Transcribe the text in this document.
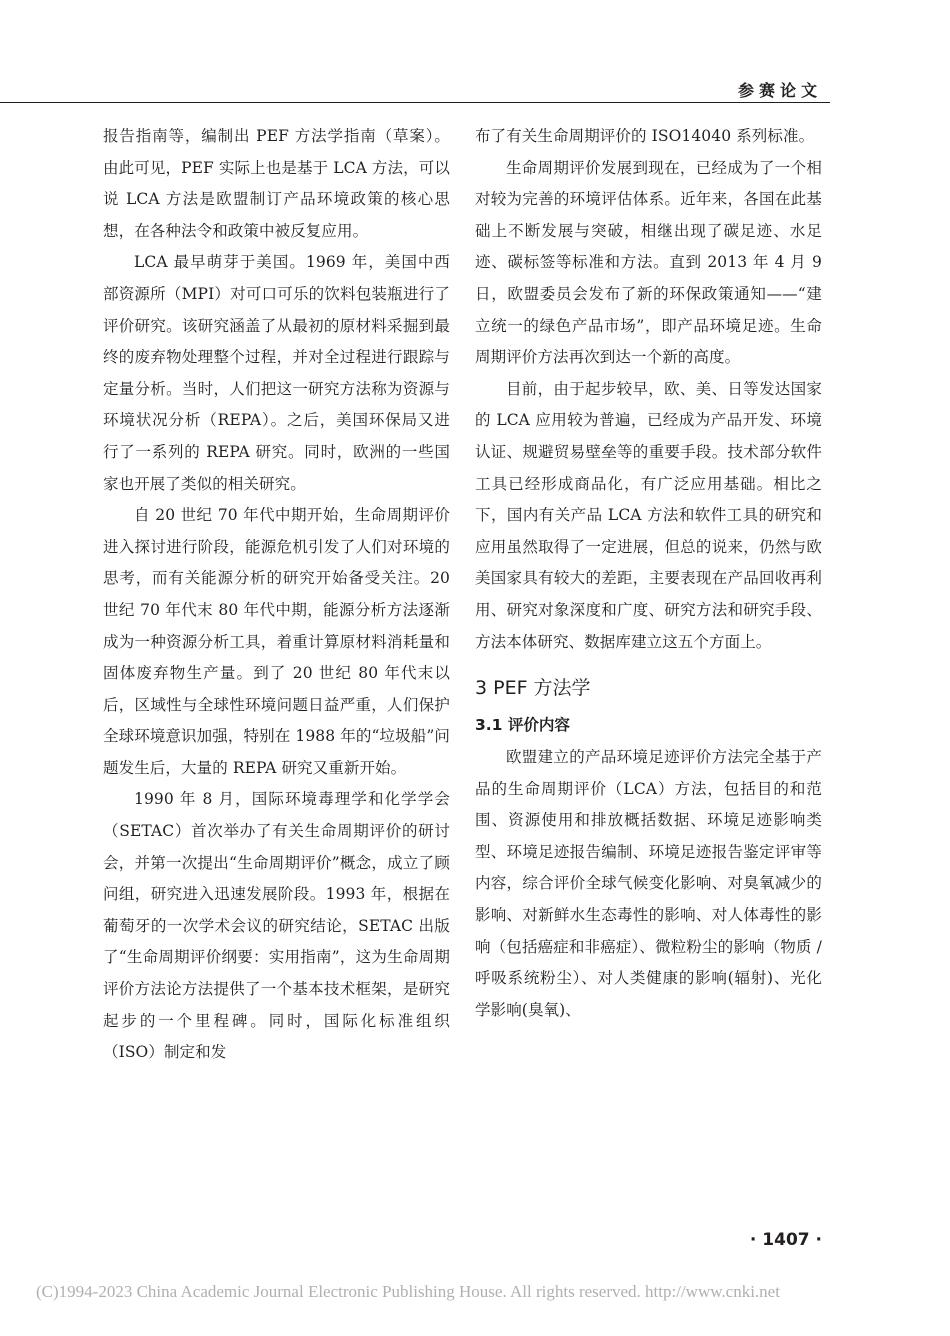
参赛论文

报告指南等，编制出 PEF 方法学指南（草案）。由此可见，PEF 实际上也是基于 LCA 方法，可以说 LCA 方法是欧盟制订产品环境政策的核心思想，在各种法令和政策中被反复应用。

LCA 最早萌芽于美国。1969 年，美国中西部资源所（MPI）对可口可乐的饮料包装瓶进行了评价研究。该研究涵盖了从最初的原材料采掘到最终的废弃物处理整个过程，并对全过程进行跟踪与定量分析。当时，人们把这一研究方法称为资源与环境状况分析（REPA）。之后，美国环保局又进行了一系列的 REPA 研究。同时，欧洲的一些国家也开展了类似的相关研究。

自 20 世纪 70 年代中期开始，生命周期评价进入探讨进行阶段，能源危机引发了人们对环境的思考，而有关能源分析的研究开始备受关注。20 世纪 70 年代末 80 年代中期，能源分析方法逐渐成为一种资源分析工具，着重计算原材料消耗量和固体废弃物生产量。到了 20 世纪 80 年代末以后，区域性与全球性环境问题日益严重，人们保护全球环境意识加强，特别在 1988 年的“垃圾船”问题发生后，大量的 REPA 研究又重新开始。

1990 年 8 月，国际环境毒理学和化学学会（SETAC）首次举办了有关生命周期评价的研讨会，并第一次提出“生命周期评价”概念，成立了顾问组，研究进入迅速发展阶段。1993 年，根据在葡萄牙的一次学术会议的研究结论，SETAC 出版了“生命周期评价纲要：实用指南”，这为生命周期评价方法论方法提供了一个基本技术框架，是研究起步的一个里程碑。同时，国际化标准组织（ISO）制定和发

布了有关生命周期评价的 ISO14040 系列标准。

生命周期评价发展到现在，已经成为了一个相对较为完善的环境评估体系。近年来，各国在此基础上不断发展与突破，相继出现了碳足迹、水足迹、碳标签等标准和方法。直到 2013 年 4 月 9 日，欧盟委员会发布了新的环保政策通知——“建立统一的绿色产品市场”，即产品环境足迹。生命周期评价方法再次到达一个新的高度。

目前，由于起步较早，欧、美、日等发达国家的 LCA 应用较为普遍，已经成为产品开发、环境认证、规避贸易壁垒等的重要手段。技术部分软件工具已经形成商品化，有广泛应用基础。相比之下，国内有关产品 LCA 方法和软件工具的研究和应用虽然取得了一定进展，但总的说来，仍然与欧美国家具有较大的差距，主要表现在产品回收再利用、研究对象深度和广度、研究方法和研究手段、方法本体研究、数据库建立这五个方面上。

3 PEF 方法学
3.1 评价内容

欧盟建立的产品环境足迹评价方法完全基于产品的生命周期评价（LCA）方法，包括目的和范围、资源使用和排放概括数据、环境足迹影响类型、环境足迹报告编制、环境足迹报告鉴定评审等内容，综合评价全球气候变化影响、对臭氧减少的影响、对新鲜水生态毒性的影响、对人体毒性的影响（包括癌症和非癌症）、微粒粉尘的影响（物质 / 呼吸系统粉尘）、对人类健康的影响(辐射)、光化学影响(臭氧)、

· 1407 ·
(C)1994-2023 China Academic Journal Electronic Publishing House. All rights reserved. http://www.cnki.net
